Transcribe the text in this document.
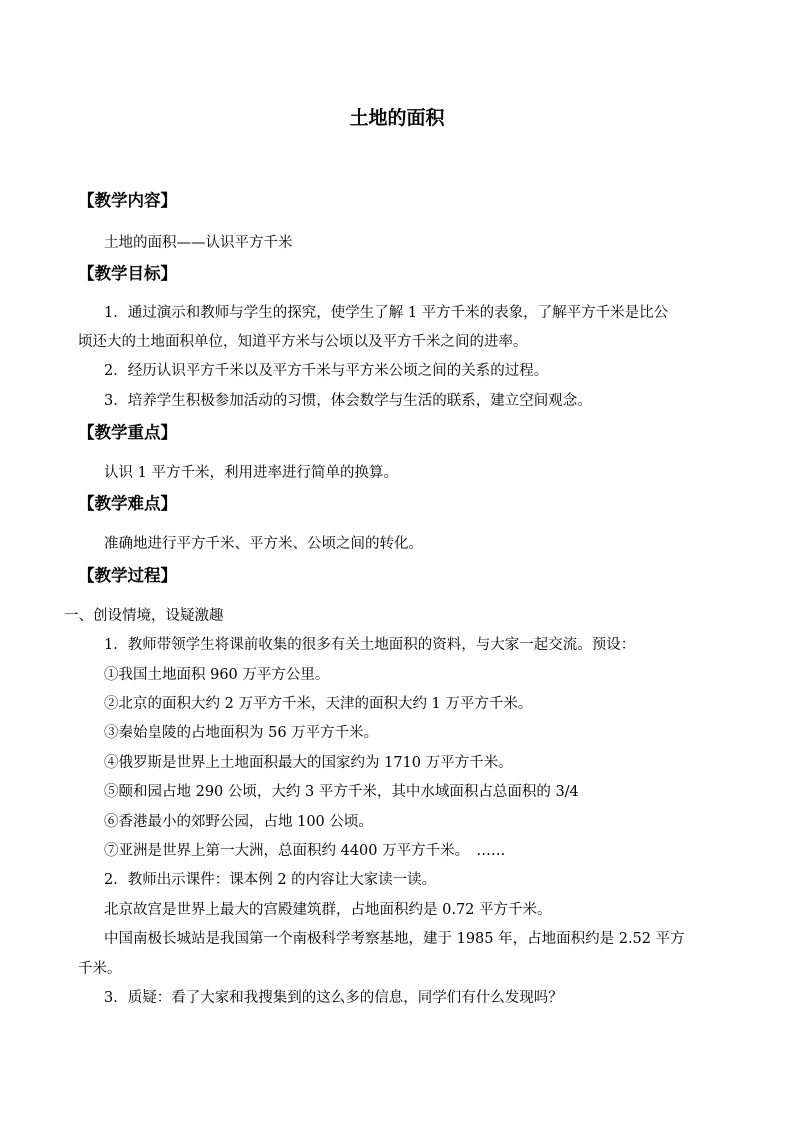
土地的面积
【教学内容】
土地的面积——认识平方千米
【教学目标】
1．通过演示和教师与学生的探究，使学生了解 1 平方千米的表象，了解平方千米是比公
顷还大的土地面积单位，知道平方米与公顷以及平方千米之间的进率。
2．经历认识平方千米以及平方千米与平方米公顷之间的关系的过程。
3．培养学生积极参加活动的习惯，体会数学与生活的联系，建立空间观念。
【教学重点】
认识 1 平方千米，利用进率进行简单的换算。
【教学难点】
准确地进行平方千米、平方米、公顷之间的转化。
【教学过程】
一、创设情境，设疑激趣
1．教师带领学生将课前收集的很多有关土地面积的资料，与大家一起交流。预设：
①我国土地面积 960 万平方公里。
②北京的面积大约 2 万平方千米，天津的面积大约 1 万平方千米。
③秦始皇陵的占地面积为 56 万平方千米。
④俄罗斯是世界上土地面积最大的国家约为 1710 万平方千米。
⑤颐和园占地 290 公顷，大约 3 平方千米，其中水域面积占总面积的 3/4
⑥香港最小的郊野公园，占地 100 公顷。
⑦亚洲是世界上第一大洲，总面积约 4400 万平方千米。　……
2．教师出示课件：课本例 2 的内容让大家读一读。
北京故宫是世界上最大的宫殿建筑群，占地面积约是 0.72 平方千米。
中国南极长城站是我国第一个南极科学考察基地，建于 1985 年，占地面积约是 2.52 平方
千米。
3．质疑：看了大家和我搜集到的这么多的信息，同学们有什么发现吗？
